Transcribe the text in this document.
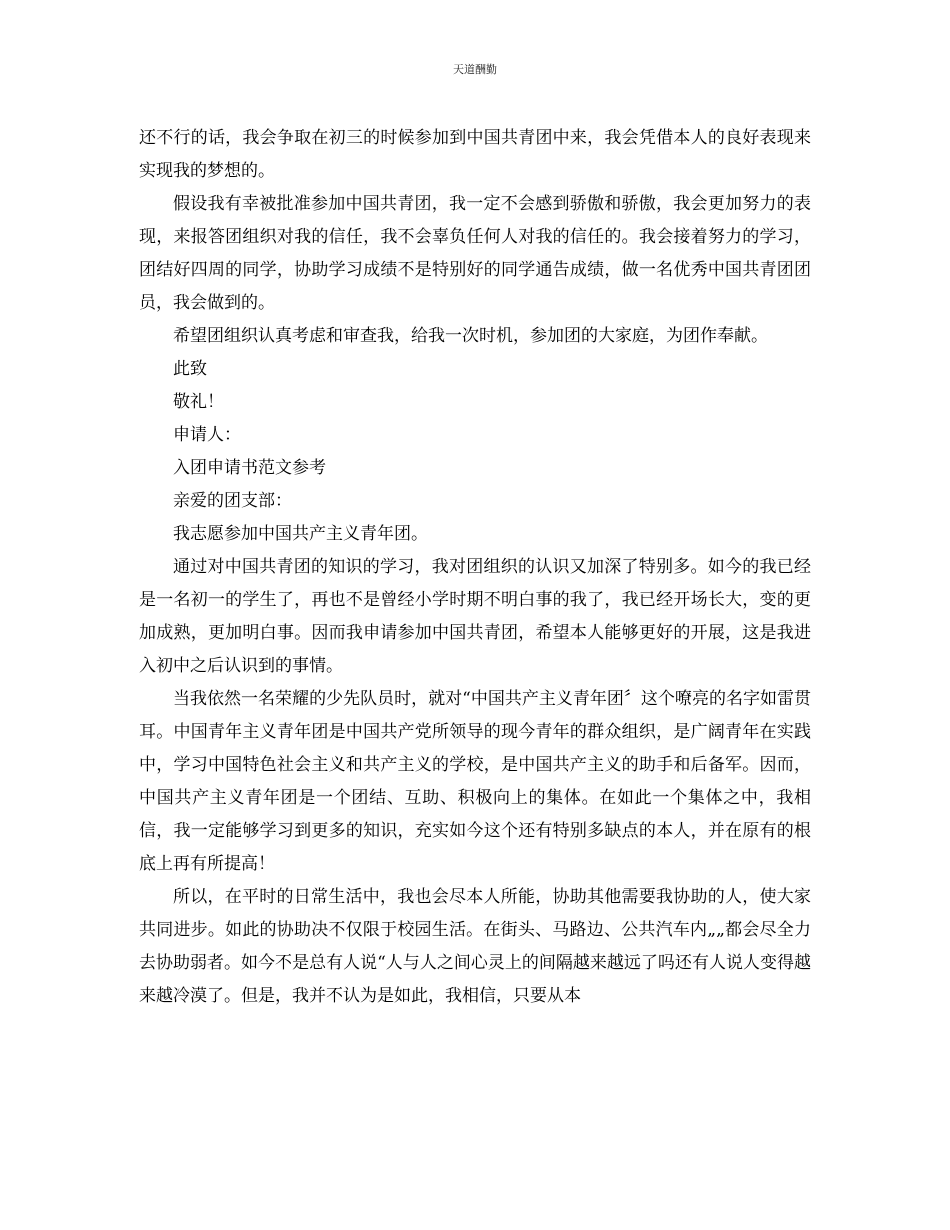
天道酬勤

还不行的话，我会争取在初三的时候参加到中国共青团中来，我会凭借本人的良好表现来实现我的梦想的。

假设我有幸被批准参加中国共青团，我一定不会感到骄傲和骄傲，我会更加努力的表现，来报答团组织对我的信任，我不会辜负任何人对我的信任的。我会接着努力的学习，团结好四周的同学，协助学习成绩不是特别好的同学通告成绩，做一名优秀中国共青团团员，我会做到的。

希望团组织认真考虑和审查我，给我一次时机，参加团的大家庭，为团作奉献。

此致

敬礼！

申请人：

入团申请书范文参考

亲爱的团支部：

我志愿参加中国共产主义青年团。

通过对中国共青团的知识的学习，我对团组织的认识又加深了特别多。如今的我已经是一名初一的学生了，再也不是曾经小学时期不明白事的我了，我已经开场长大，变的更加成熟，更加明白事。因而我申请参加中国共青团，希望本人能够更好的开展，这是我进入初中之后认识到的事情。

当我依然一名荣耀的少先队员时，就对“中国共产主义青年团〞这个嘹亮的名字如雷贯耳。中国青年主义青年团是中国共产党所领导的现今青年的群众组织，是广阔青年在实践中，学习中国特色社会主义和共产主义的学校，是中国共产主义的助手和后备军。因而，中国共产主义青年团是一个团结、互助、积极向上的集体。在如此一个集体之中，我相信，我一定能够学习到更多的知识，充实如今这个还有特别多缺点的本人，并在原有的根底上再有所提高！

所以，在平时的日常生活中，我也会尽本人所能，协助其他需要我协助的人，使大家共同进步。如此的协助决不仅限于校园生活。在街头、马路边、公共汽车内„„都会尽全力去协助弱者。如今不是总有人说“人与人之间心灵上的间隔越来越远了吗还有人说人变得越来越冷漠了。但是，我并不认为是如此，我相信，只要从本
